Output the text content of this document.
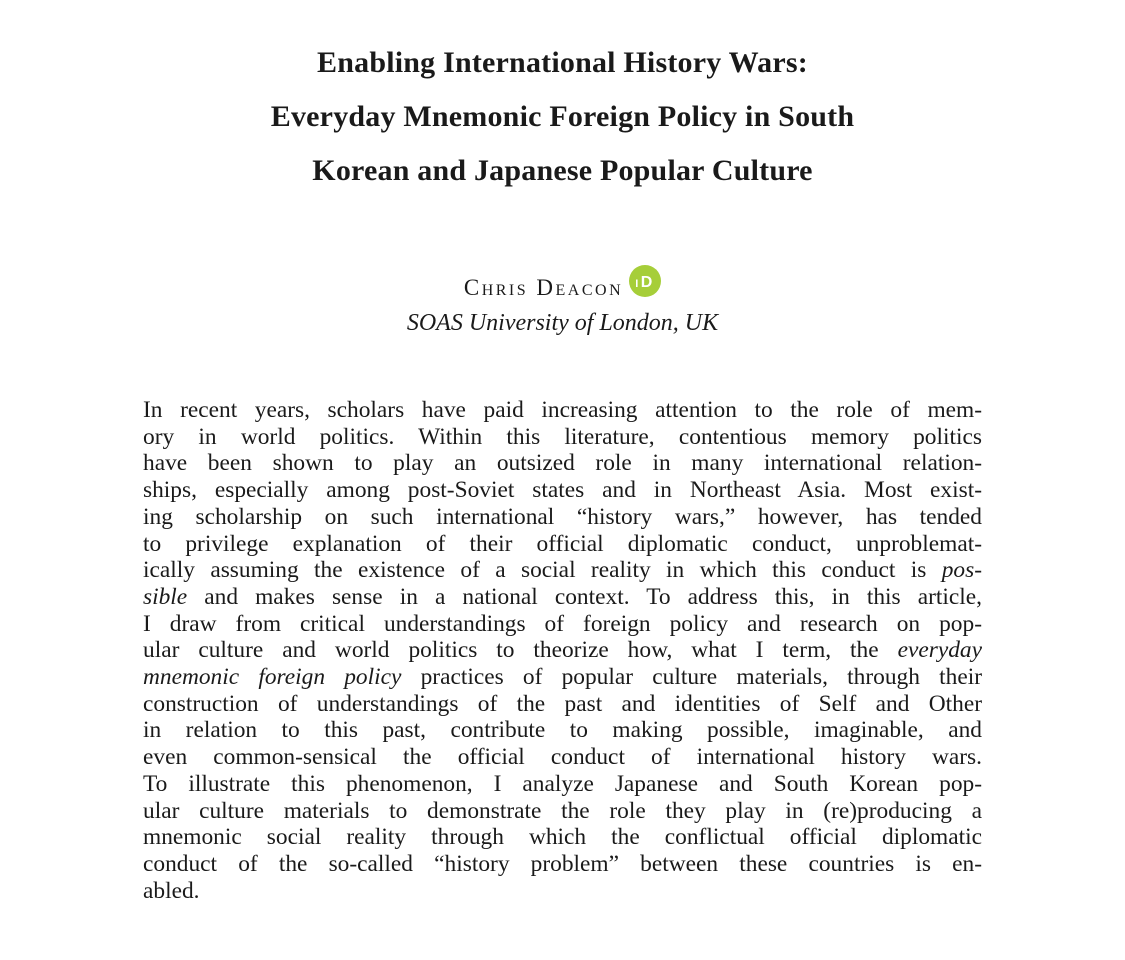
Enabling International History Wars:
Everyday Mnemonic Foreign Policy in South
Korean and Japanese Popular Culture
Chris Deacon iD
SOAS University of London, UK
In recent years, scholars have paid increasing attention to the role of mem-
ory in world politics. Within this literature, contentious memory politics
have been shown to play an outsized role in many international relation-
ships, especially among post-Soviet states and in Northeast Asia. Most exist-
ing scholarship on such international “history wars,” however, has tended
to privilege explanation of their official diplomatic conduct, unproblemat-
ically assuming the existence of a social reality in which this conduct is pos-
sible and makes sense in a national context. To address this, in this article,
I draw from critical understandings of foreign policy and research on pop-
ular culture and world politics to theorize how, what I term, the everyday
mnemonic foreign policy practices of popular culture materials, through their
construction of understandings of the past and identities of Self and Other
in relation to this past, contribute to making possible, imaginable, and
even common-sensical the official conduct of international history wars.
To illustrate this phenomenon, I analyze Japanese and South Korean pop-
ular culture materials to demonstrate the role they play in (re)producing a
mnemonic social reality through which the conflictual official diplomatic
conduct of the so-called “history problem” between these countries is en-
abled.
